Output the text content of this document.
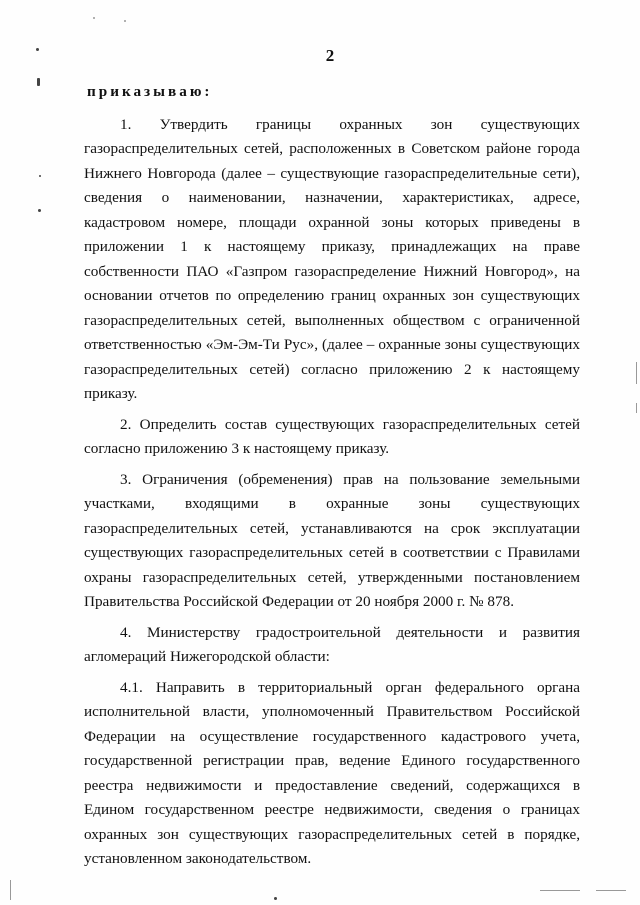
2

приказываю:

1. Утвердить границы охранных зон существующих газораспределительных сетей, расположенных в Советском районе города Нижнего Новгорода (далее – существующие газораспределительные сети), сведения о наименовании, назначении, характеристиках, адресе, кадастровом номере, площади охранной зоны которых приведены в приложении 1 к настоящему приказу, принадлежащих на праве собственности ПАО «Газпром газораспределение Нижний Новгород», на основании отчетов по определению границ охранных зон существующих газораспределительных сетей, выполненных обществом с ограниченной ответственностью «Эм-Эм-Ти Рус», (далее – охранные зоны существующих газораспределительных сетей) согласно приложению 2 к настоящему приказу.

2. Определить состав существующих газораспределительных сетей согласно приложению 3 к настоящему приказу.

3. Ограничения (обременения) прав на пользование земельными участками, входящими в охранные зоны существующих газораспределительных сетей, устанавливаются на срок эксплуатации существующих газораспределительных сетей в соответствии с Правилами охраны газораспределительных сетей, утвержденными постановлением Правительства Российской Федерации от 20 ноября 2000 г. № 878.

4. Министерству градостроительной деятельности и развития агломераций Нижегородской области:

4.1. Направить в территориальный орган федерального органа исполнительной власти, уполномоченный Правительством Российской Федерации на осуществление государственного кадастрового учета, государственной регистрации прав, ведение Единого государственного реестра недвижимости и предоставление сведений, содержащихся в Едином государственном реестре недвижимости, сведения о границах охранных зон существующих газораспределительных сетей в порядке, установленном законодательством.
